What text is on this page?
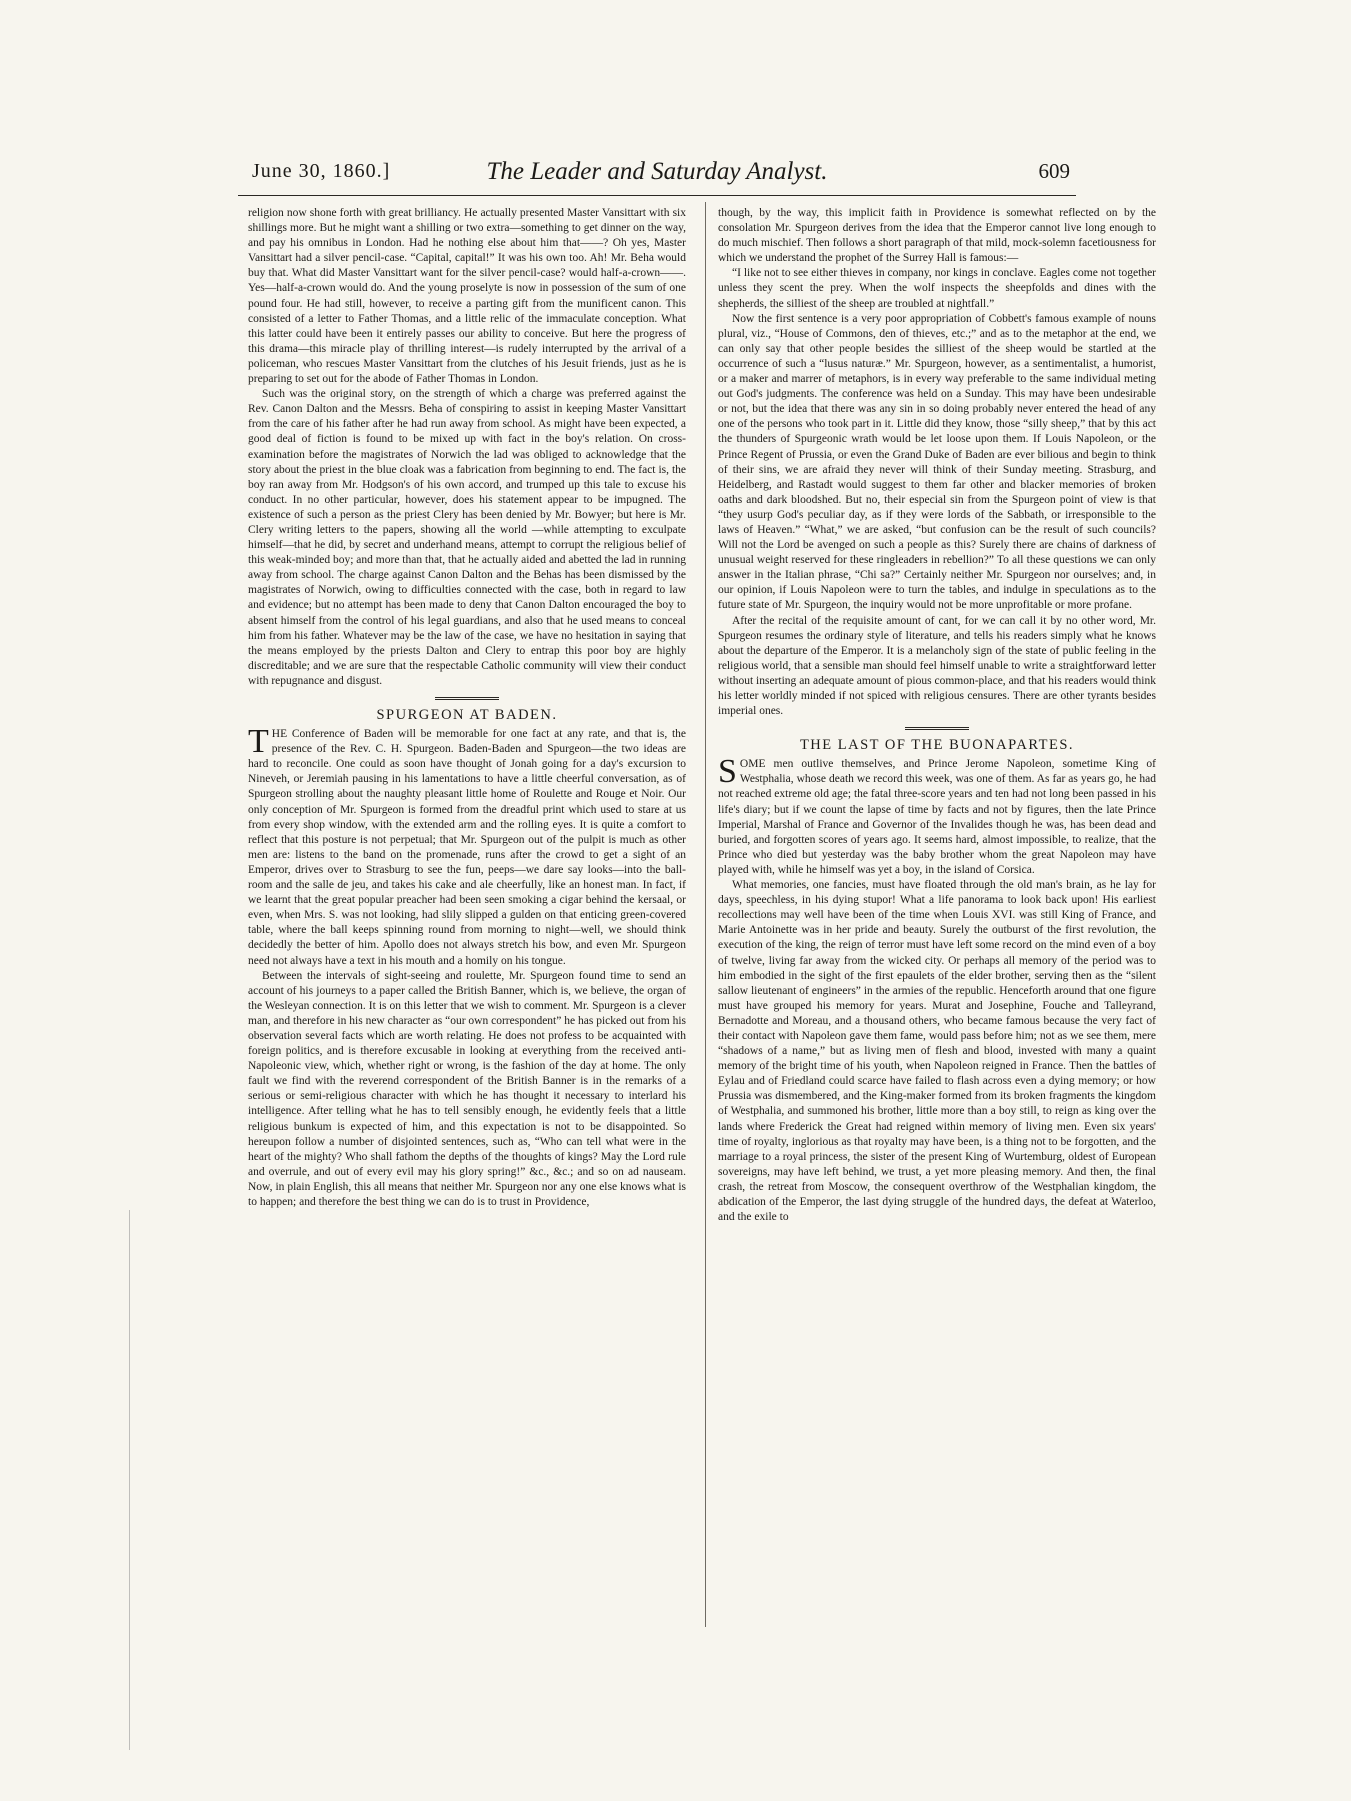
June 30, 1860.]	The Leader and Saturday Analyst.	609

religion now shone forth with great brilliancy. He actually presented Master Vansittart with six shillings more. But he might want a shilling or two extra—something to get dinner on the way, and pay his omnibus in London. Had he nothing else about him that——? Oh yes, Master Vansittart had a silver pencil-case. “Capital, capital!” It was his own too. Ah! Mr. Beha would buy that. What did Master Vansittart want for the silver pencil-case? would half-a-crown——. Yes—half-a-crown would do. And the young proselyte is now in possession of the sum of one pound four. He had still, however, to receive a parting gift from the munificent canon. This consisted of a letter to Father Thomas, and a little relic of the immaculate conception. What this latter could have been it entirely passes our ability to conceive. But here the progress of this drama—this miracle play of thrilling interest—is rudely interrupted by the arrival of a policeman, who rescues Master Vansittart from the clutches of his Jesuit friends, just as he is preparing to set out for the abode of Father Thomas in London.

Such was the original story, on the strength of which a charge was preferred against the Rev. Canon Dalton and the Messrs. Beha of conspiring to assist in keeping Master Vansittart from the care of his father after he had run away from school. As might have been expected, a good deal of fiction is found to be mixed up with fact in the boy's relation. On cross-examination before the magistrates of Norwich the lad was obliged to acknowledge that the story about the priest in the blue cloak was a fabrication from beginning to end. The fact is, the boy ran away from Mr. Hodgson's of his own accord, and trumped up this tale to excuse his conduct. In no other particular, however, does his statement appear to be impugned. The existence of such a person as the priest Clery has been denied by Mr. Bowyer; but here is Mr. Clery writing letters to the papers, showing all the world —while attempting to exculpate himself—that he did, by secret and underhand means, attempt to corrupt the religious belief of this weak-minded boy; and more than that, that he actually aided and abetted the lad in running away from school. The charge against Canon Dalton and the Behas has been dismissed by the magistrates of Norwich, owing to difficulties connected with the case, both in regard to law and evidence; but no attempt has been made to deny that Canon Dalton encouraged the boy to absent himself from the control of his legal guardians, and also that he used means to conceal him from his father. Whatever may be the law of the case, we have no hesitation in saying that the means employed by the priests Dalton and Clery to entrap this poor boy are highly discreditable; and we are sure that the respectable Catholic community will view their conduct with repugnance and disgust.

SPURGEON AT BADEN.

THE Conference of Baden will be memorable for one fact at any rate, and that is, the presence of the Rev. C. H. Spurgeon. Baden-Baden and Spurgeon—the two ideas are hard to reconcile. One could as soon have thought of Jonah going for a day's excursion to Nineveh, or Jeremiah pausing in his lamentations to have a little cheerful conversation, as of Spurgeon strolling about the naughty pleasant little home of Roulette and Rouge et Noir. Our only conception of Mr. Spurgeon is formed from the dreadful print which used to stare at us from every shop window, with the extended arm and the rolling eyes. It is quite a comfort to reflect that this posture is not perpetual; that Mr. Spurgeon out of the pulpit is much as other men are: listens to the band on the promenade, runs after the crowd to get a sight of an Emperor, drives over to Strasburg to see the fun, peeps—we dare say looks—into the ball-room and the salle de jeu, and takes his cake and ale cheerfully, like an honest man. In fact, if we learnt that the great popular preacher had been seen smoking a cigar behind the kersaal, or even, when Mrs. S. was not looking, had slily slipped a gulden on that enticing green-covered table, where the ball keeps spinning round from morning to night—well, we should think decidedly the better of him. Apollo does not always stretch his bow, and even Mr. Spurgeon need not always have a text in his mouth and a homily on his tongue.

Between the intervals of sight-seeing and roulette, Mr. Spurgeon found time to send an account of his journeys to a paper called the British Banner, which is, we believe, the organ of the Wesleyan connection. It is on this letter that we wish to comment. Mr. Spurgeon is a clever man, and therefore in his new character as “our own correspondent” he has picked out from his observation several facts which are worth relating. He does not profess to be acquainted with foreign politics, and is therefore excusable in looking at everything from the received anti-Napoleonic view, which, whether right or wrong, is the fashion of the day at home. The only fault we find with the reverend correspondent of the British Banner is in the remarks of a serious or semi-religious character with which he has thought it necessary to interlard his intelligence. After telling what he has to tell sensibly enough, he evidently feels that a little religious bunkum is expected of him, and this expectation is not to be disappointed. So hereupon follow a number of disjointed sentences, such as, “Who can tell what were in the heart of the mighty? Who shall fathom the depths of the thoughts of kings? May the Lord rule and overrule, and out of every evil may his glory spring!” &c., &c.; and so on ad nauseam. Now, in plain English, this all means that neither Mr. Spurgeon nor any one else knows what is to happen; and therefore the best thing we can do is to trust in Providence,

though, by the way, this implicit faith in Providence is somewhat reflected on by the consolation Mr. Spurgeon derives from the idea that the Emperor cannot live long enough to do much mischief. Then follows a short paragraph of that mild, mock-solemn facetiousness for which we understand the prophet of the Surrey Hall is famous:—

“I like not to see either thieves in company, nor kings in conclave. Eagles come not together unless they scent the prey. When the wolf inspects the sheepfolds and dines with the shepherds, the silliest of the sheep are troubled at nightfall.”

Now the first sentence is a very poor appropriation of Cobbett's famous example of nouns plural, viz., “House of Commons, den of thieves, etc.;” and as to the metaphor at the end, we can only say that other people besides the silliest of the sheep would be startled at the occurrence of such a “lusus naturæ.” Mr. Spurgeon, however, as a sentimentalist, a humorist, or a maker and marrer of metaphors, is in every way preferable to the same individual meting out God's judgments. The conference was held on a Sunday. This may have been undesirable or not, but the idea that there was any sin in so doing probably never entered the head of any one of the persons who took part in it. Little did they know, those “silly sheep,” that by this act the thunders of Spurgeonic wrath would be let loose upon them. If Louis Napoleon, or the Prince Regent of Prussia, or even the Grand Duke of Baden are ever bilious and begin to think of their sins, we are afraid they never will think of their Sunday meeting. Strasburg, and Heidelberg, and Rastadt would suggest to them far other and blacker memories of broken oaths and dark bloodshed. But no, their especial sin from the Spurgeon point of view is that “they usurp God's peculiar day, as if they were lords of the Sabbath, or irresponsible to the laws of Heaven.” “What,” we are asked, “but confusion can be the result of such councils? Will not the Lord be avenged on such a people as this? Surely there are chains of darkness of unusual weight reserved for these ringleaders in rebellion?” To all these questions we can only answer in the Italian phrase, “Chi sa?” Certainly neither Mr. Spurgeon nor ourselves; and, in our opinion, if Louis Napoleon were to turn the tables, and indulge in speculations as to the future state of Mr. Spurgeon, the inquiry would not be more unprofitable or more profane.

After the recital of the requisite amount of cant, for we can call it by no other word, Mr. Spurgeon resumes the ordinary style of literature, and tells his readers simply what he knows about the departure of the Emperor. It is a melancholy sign of the state of public feeling in the religious world, that a sensible man should feel himself unable to write a straightforward letter without inserting an adequate amount of pious common-place, and that his readers would think his letter worldly minded if not spiced with religious censures. There are other tyrants besides imperial ones.

THE LAST OF THE BUONAPARTES.

SOME men outlive themselves, and Prince Jerome Napoleon, sometime King of Westphalia, whose death we record this week, was one of them. As far as years go, he had not reached extreme old age; the fatal three-score years and ten had not long been passed in his life's diary; but if we count the lapse of time by facts and not by figures, then the late Prince Imperial, Marshal of France and Governor of the Invalides though he was, has been dead and buried, and forgotten scores of years ago. It seems hard, almost impossible, to realize, that the Prince who died but yesterday was the baby brother whom the great Napoleon may have played with, while he himself was yet a boy, in the island of Corsica.

What memories, one fancies, must have floated through the old man's brain, as he lay for days, speechless, in his dying stupor! What a life panorama to look back upon! His earliest recollections may well have been of the time when Louis XVI. was still King of France, and Marie Antoinette was in her pride and beauty. Surely the outburst of the first revolution, the execution of the king, the reign of terror must have left some record on the mind even of a boy of twelve, living far away from the wicked city. Or perhaps all memory of the period was to him embodied in the sight of the first epaulets of the elder brother, serving then as the “silent sallow lieutenant of engineers” in the armies of the republic. Henceforth around that one figure must have grouped his memory for years. Murat and Josephine, Fouche and Talleyrand, Bernadotte and Moreau, and a thousand others, who became famous because the very fact of their contact with Napoleon gave them fame, would pass before him; not as we see them, mere “shadows of a name,” but as living men of flesh and blood, invested with many a quaint memory of the bright time of his youth, when Napoleon reigned in France. Then the battles of Eylau and of Friedland could scarce have failed to flash across even a dying memory; or how Prussia was dismembered, and the King-maker formed from its broken fragments the kingdom of Westphalia, and summoned his brother, little more than a boy still, to reign as king over the lands where Frederick the Great had reigned within memory of living men. Even six years' time of royalty, inglorious as that royalty may have been, is a thing not to be forgotten, and the marriage to a royal princess, the sister of the present King of Wurtemburg, oldest of European sovereigns, may have left behind, we trust, a yet more pleasing memory. And then, the final crash, the retreat from Moscow, the consequent overthrow of the Westphalian kingdom, the abdication of the Emperor, the last dying struggle of the hundred days, the defeat at Waterloo, and the exile to
